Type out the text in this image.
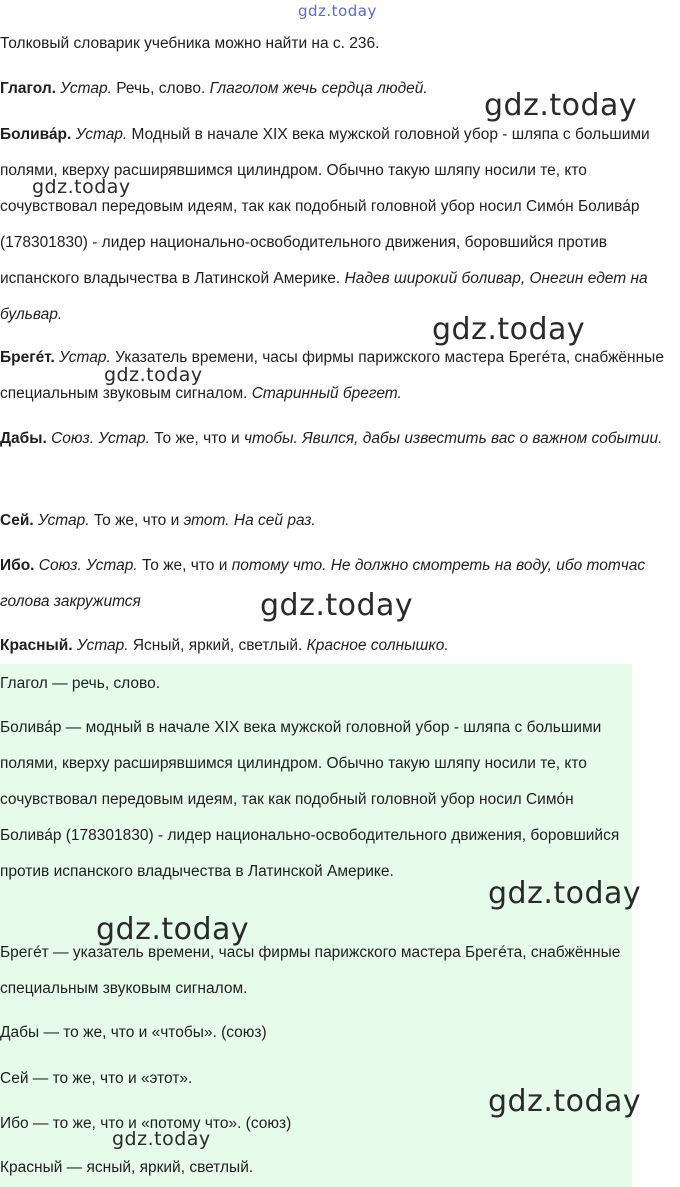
gdz.today
gdz.today
gdz.today
gdz.today
gdz.today
gdz.today
gdz.today
gdz.today
gdz.today
gdz.today

Толковый словарик учебника можно найти на с. 236.

Глагол. Устар. Речь, слово. Глаголом жечь сердца людей.

Болива́р. Устар. Модный в начале XIX века мужской головной убор - шляпа с большими полями, кверху расширявшимся цилиндром. Обычно такую шляпу носили те, кто сочувствовал передовым идеям, так как подобный головной убор носил Симо́н Болива́р (178301830) - лидер национально-освободительного движения, боровшийся против испанского владычества в Латинской Америке. Надев широкий боливар, Онегин едет на бульвар.

Брегéт. Устар. Указатель времени, часы фирмы парижского мастера Брегéта, снабжённые специальным звуковым сигналом. Старинный брегет.

Дабы. Союз. Устар. То же, что и чтобы. Явился, дабы известить вас о важном событии.

Сей. Устар. То же, что и этот. На сей раз.

Ибо. Союз. Устар. То же, что и потому что. Не должно смотреть на воду, ибо тотчас голова закружится

Красный. Устар. Ясный, яркий, светлый. Красное солнышко.

Глагол — речь, слово.

Болива́р — модный в начале XIX века мужской головной убор - шляпа с большими полями, кверху расширявшимся цилиндром. Обычно такую шляпу носили те, кто сочувствовал передовым идеям, так как подобный головной убор носил Симо́н Болива́р (178301830) - лидер национально-освободительного движения, боровшийся против испанского владычества в Латинской Америке.

Брегéт — указатель времени, часы фирмы парижского мастера Брегéта, снабжённые специальным звуковым сигналом.

Дабы — то же, что и «чтобы». (союз)

Сей — то же, что и «этот».

Ибо — то же, что и «потому что». (союз)

Красный — ясный, яркий, светлый.
